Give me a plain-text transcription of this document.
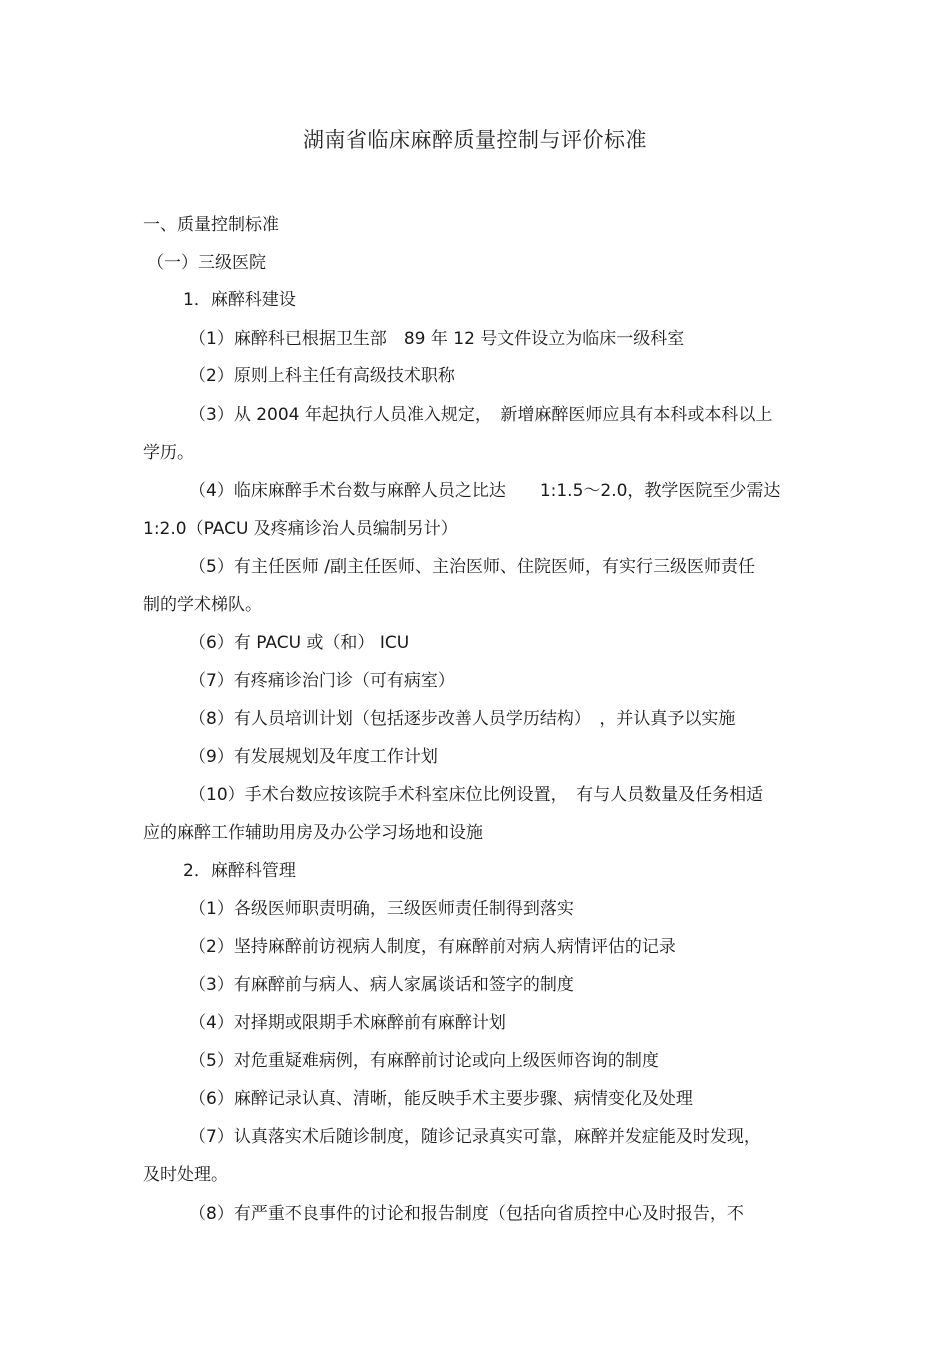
湖南省临床麻醉质量控制与评价标准
一、质量控制标准
（一）三级医院
1．麻醉科建设
（1）麻醉科已根据卫生部　89 年 12 号文件设立为临床一级科室
（2）原则上科主任有高级技术职称
（3）从 2004 年起执行人员准入规定，　新增麻醉医师应具有本科或本科以上
学历。
（4）临床麻醉手术台数与麻醉人员之比达　　1:1.5～2.0，教学医院至少需达
1:2.0（PACU 及疼痛诊治人员编制另计）
（5）有主任医师 /副主任医师、主治医师、住院医师，有实行三级医师责任
制的学术梯队。
（6）有 PACU 或（和） ICU
（7）有疼痛诊治门诊（可有病室）
（8）有人员培训计划（包括逐步改善人员学历结构）　，并认真予以实施
（9）有发展规划及年度工作计划
（10）手术台数应按该院手术科室床位比例设置，　有与人员数量及任务相适
应的麻醉工作辅助用房及办公学习场地和设施
2．麻醉科管理
（1）各级医师职责明确，三级医师责任制得到落实
（2）坚持麻醉前访视病人制度，有麻醉前对病人病情评估的记录
（3）有麻醉前与病人、病人家属谈话和签字的制度
（4）对择期或限期手术麻醉前有麻醉计划
（5）对危重疑难病例，有麻醉前讨论或向上级医师咨询的制度
（6）麻醉记录认真、清晰，能反映手术主要步骤、病情变化及处理
（7）认真落实术后随诊制度，随诊记录真实可靠，麻醉并发症能及时发现，
及时处理。
（8）有严重不良事件的讨论和报告制度（包括向省质控中心及时报告，不
